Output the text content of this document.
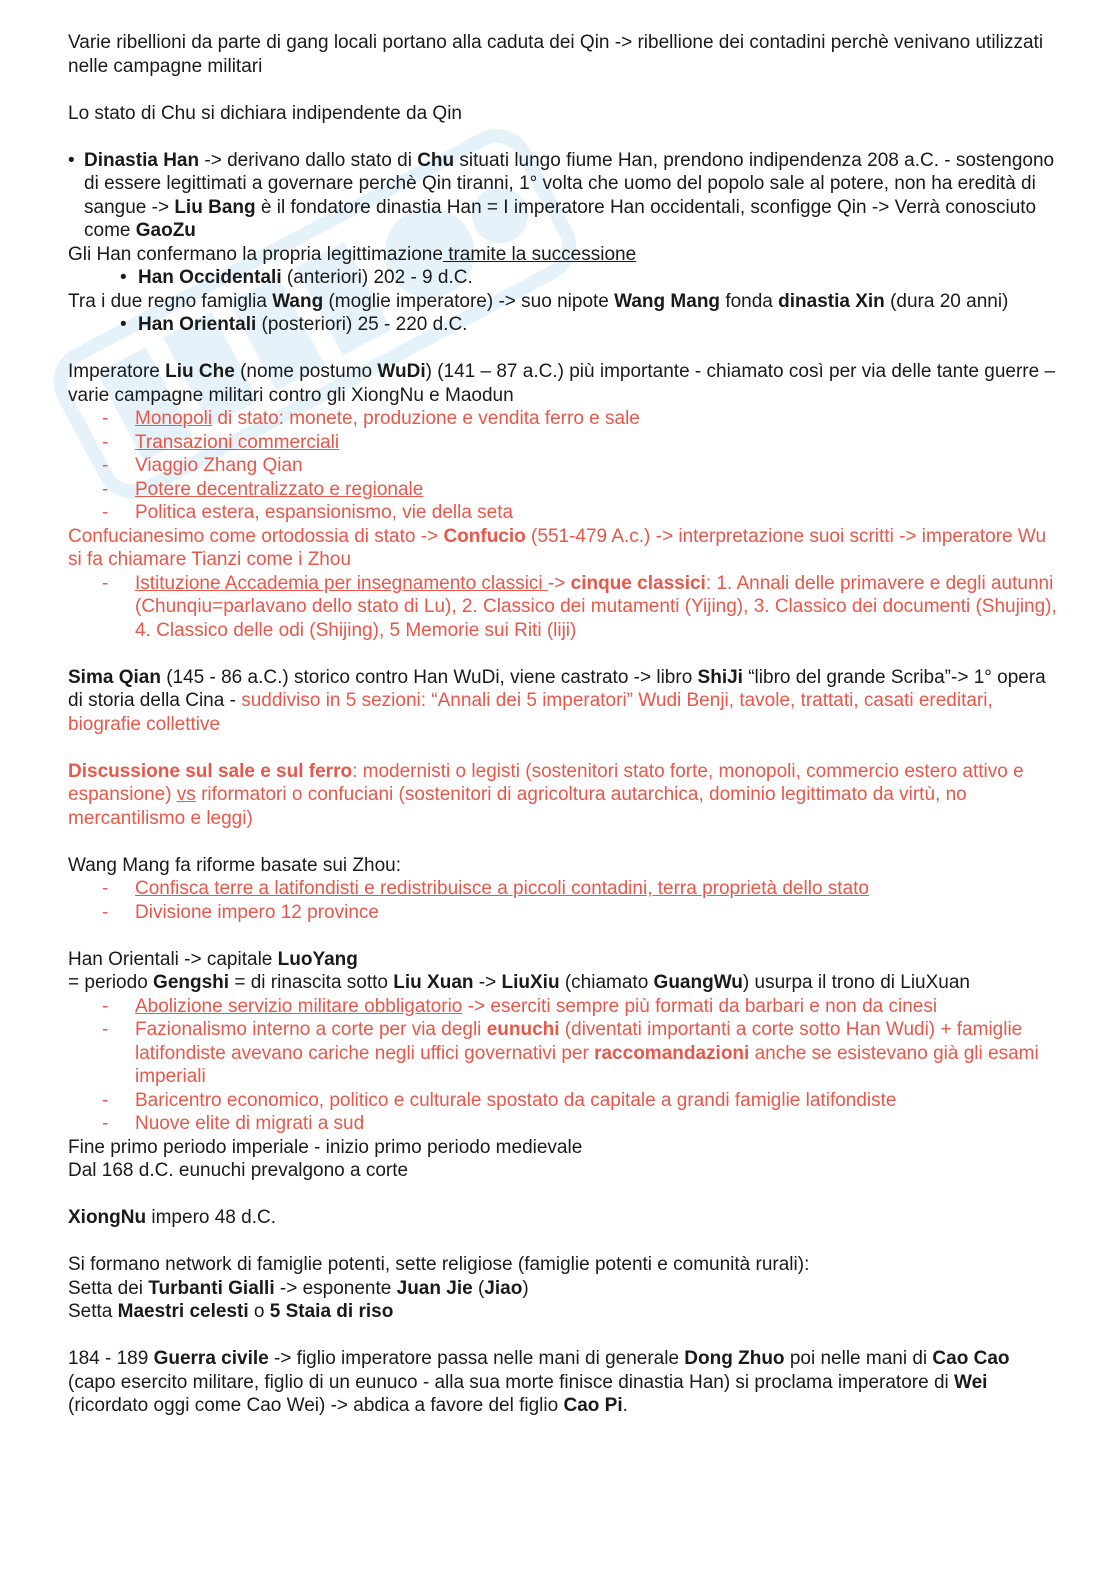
Varie ribellioni da parte di gang locali portano alla caduta dei Qin -> ribellione dei contadini perchè venivano utilizzati nelle campagne militari

Lo stato di Chu si dichiara indipendente da Qin

• Dinastia Han -> derivano dallo stato di Chu situati lungo fiume Han, prendono indipendenza 208 a.C. - sostengono di essere legittimati a governare perchè Qin tiranni, 1° volta che uomo del popolo sale al potere, non ha eredità di sangue -> Liu Bang è il fondatore dinastia Han = I imperatore Han occidentali, sconfigge Qin -> Verrà conosciuto come GaoZu

Gli Han confermano la propria legittimazione tramite la successione

• Han Occidentali (anteriori) 202 - 9 d.C.

Tra i due regno famiglia Wang (moglie imperatore) -> suo nipote Wang Mang fonda dinastia Xin (dura 20 anni)

• Han Orientali (posteriori) 25 - 220 d.C.

Imperatore Liu Che (nome postumo WuDi) (141 – 87 a.C.) più importante - chiamato così per via delle tante guerre – varie campagne militari contro gli XiongNu e Maodun

- Monopoli di stato: monete, produzione e vendita ferro e sale

- Transazioni commerciali

- Viaggio Zhang Qian

- Potere decentralizzato e regionale

- Politica estera, espansionismo, vie della seta

Confucianesimo come ortodossia di stato -> Confucio (551-479 A.c.) -> interpretazione suoi scritti -> imperatore Wu si fa chiamare Tianzi come i Zhou

- Istituzione Accademia per insegnamento classici -> cinque classici: 1. Annali delle primavere e degli autunni (Chunqiu=parlavano dello stato di Lu), 2. Classico dei mutamenti (Yijing), 3. Classico dei documenti (Shujing), 4. Classico delle odi (Shijing), 5 Memorie sui Riti (liji)

Sima Qian (145 - 86 a.C.) storico contro Han WuDi, viene castrato -> libro ShiJi “libro del grande Scriba”-> 1° opera di storia della Cina - suddiviso in 5 sezioni: “Annali dei 5 imperatori” Wudi Benji, tavole, trattati, casati ereditari, biografie collettive

Discussione sul sale e sul ferro: modernisti o legisti (sostenitori stato forte, monopoli, commercio estero attivo e espansione) vs riformatori o confuciani (sostenitori di agricoltura autarchica, dominio legittimato da virtù, no mercantilismo e leggi)

Wang Mang fa riforme basate sui Zhou:

- Confisca terre a latifondisti e redistribuisce a piccoli contadini, terra proprietà dello stato

- Divisione impero 12 province

Han Orientali -> capitale LuoYang

= periodo Gengshi = di rinascita sotto Liu Xuan -> LiuXiu (chiamato GuangWu) usurpa il trono di LiuXuan

- Abolizione servizio militare obbligatorio -> eserciti sempre più formati da barbari e non da cinesi

- Fazionalismo interno a corte per via degli eunuchi (diventati importanti a corte sotto Han Wudi) + famiglie latifondiste avevano cariche negli uffici governativi per raccomandazioni anche se esistevano già gli esami imperiali

- Baricentro economico, politico e culturale spostato da capitale a grandi famiglie latifondiste

- Nuove elite di migrati a sud

Fine primo periodo imperiale - inizio primo periodo medievale

Dal 168 d.C. eunuchi prevalgono a corte

XiongNu impero 48 d.C.

Si formano network di famiglie potenti, sette religiose (famiglie potenti e comunità rurali):

Setta dei Turbanti Gialli -> esponente Juan Jie (Jiao)

Setta Maestri celesti o 5 Staia di riso

184 - 189 Guerra civile -> figlio imperatore passa nelle mani di generale Dong Zhuo poi nelle mani di Cao Cao (capo esercito militare, figlio di un eunuco - alla sua morte finisce dinastia Han) si proclama imperatore di Wei (ricordato oggi come Cao Wei) -> abdica a favore del figlio Cao Pi.
